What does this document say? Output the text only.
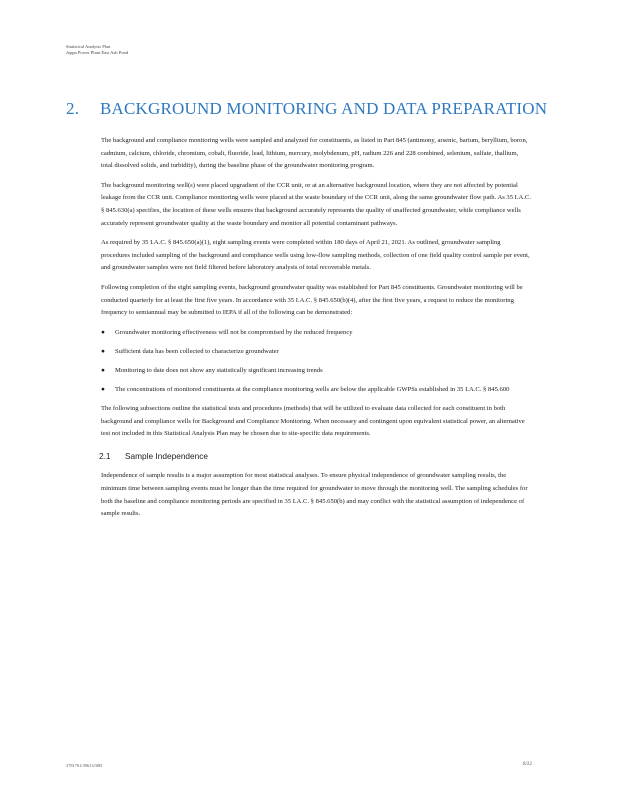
Statistical Analysis Plan
Joppa Power Plant East Ash Pond
2. BACKGROUND MONITORING AND DATA PREPARATION

The background and compliance monitoring wells were sampled and analyzed for constituents, as listed in Part 845 (antimony, arsenic, barium, beryllium, boron, cadmium, calcium, chloride, chromium, cobalt, fluoride, lead, lithium, mercury, molybdenum, pH, radium 226 and 228 combined, selenium, sulfate, thallium, total dissolved solids, and turbidity), during the baseline phase of the groundwater monitoring program.

The background monitoring well(s) were placed upgradient of the CCR unit, or at an alternative background location, where they are not affected by potential leakage from the CCR unit. Compliance monitoring wells were placed at the waste boundary of the CCR unit, along the same groundwater flow path. As 35 I.A.C. § 845.630(a) specifies, the location of these wells ensures that background accurately represents the quality of unaffected groundwater, while compliance wells accurately represent groundwater quality at the waste boundary and monitor all potential contaminant pathways.

As required by 35 I.A.C. § 845.650(a)(1), eight sampling events were completed within 180 days of April 21, 2021. As outlined, groundwater sampling procedures included sampling of the background and compliance wells using low-flow sampling methods, collection of one field quality control sample per event, and groundwater samples were not field filtered before laboratory analysis of total recoverable metals.

Following completion of the eight sampling events, background groundwater quality was established for Part 845 constituents. Groundwater monitoring will be conducted quarterly for at least the first five years. In accordance with 35 I.A.C. § 845.650(b)(4), after the first five years, a request to reduce the monitoring frequency to semiannual may be submitted to IEPA if all of the following can be demonstrated:

● Groundwater monitoring effectiveness will not be compromised by the reduced frequency
● Sufficient data has been collected to characterize groundwater
● Monitoring to date does not show any statistically significant increasing trends
● The concentrations of monitored constituents at the compliance monitoring wells are below the applicable GWPSs established in 35 I.A.C. § 845.600

The following subsections outline the statistical tests and procedures (methods) that will be utilized to evaluate data collected for each constituent in both background and compliance wells for Background and Compliance Monitoring. When necessary and contingent upon equivalent statistical power, an alternative test not included in this Statistical Analysis Plan may be chosen due to site-specific data requirements.

2.1 Sample Independence

Independence of sample results is a major assumption for most statistical analyses. To ensure physical independence of groundwater sampling results, the minimum time between sampling events must be longer than the time required for groundwater to move through the monitoring well. The sampling schedules for both the baseline and compliance monitoring periods are specified in 35 I.A.C. § 845.650(b) and may conflict with the statistical assumption of independence of sample results.

3781761/39613/30D	8/22
